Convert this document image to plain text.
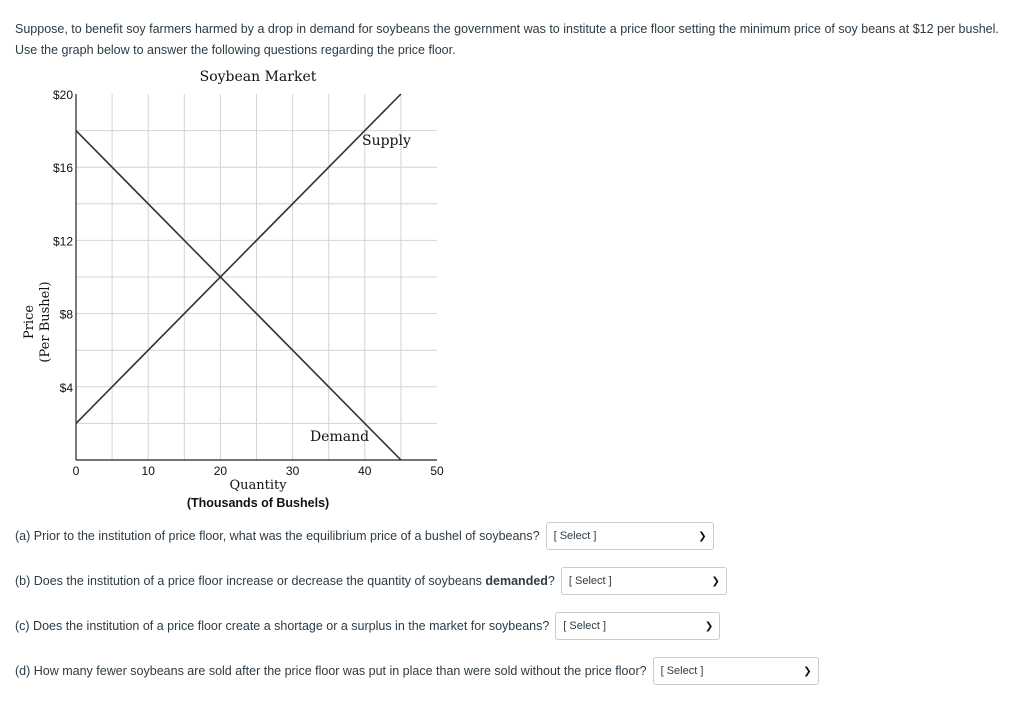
Suppose, to benefit soy farmers harmed by a drop in demand for soybeans the government was to institute a price floor setting the minimum price of soy beans at $12 per bushel. Use the graph below to answer the following questions regarding the price floor.
Soybean Market
Supply
Demand
0	10	20	30	40	50
$20
$16
$12
$8
$4
Price (Per Bushel)
Quantity
(Thousands of Bushels)
(a) Prior to the institution of price floor, what was the equilibrium price of a bushel of soybeans? [ Select ]	❯
(b) Does the institution of a price floor increase or decrease the quantity of soybeans demanded? [ Select ]	❯
(c) Does the institution of a price floor create a shortage or a surplus in the market for soybeans? [ Select ]	❯
(d) How many fewer soybeans are sold after the price floor was put in place than were sold without the price floor? [ Select ]	❯
